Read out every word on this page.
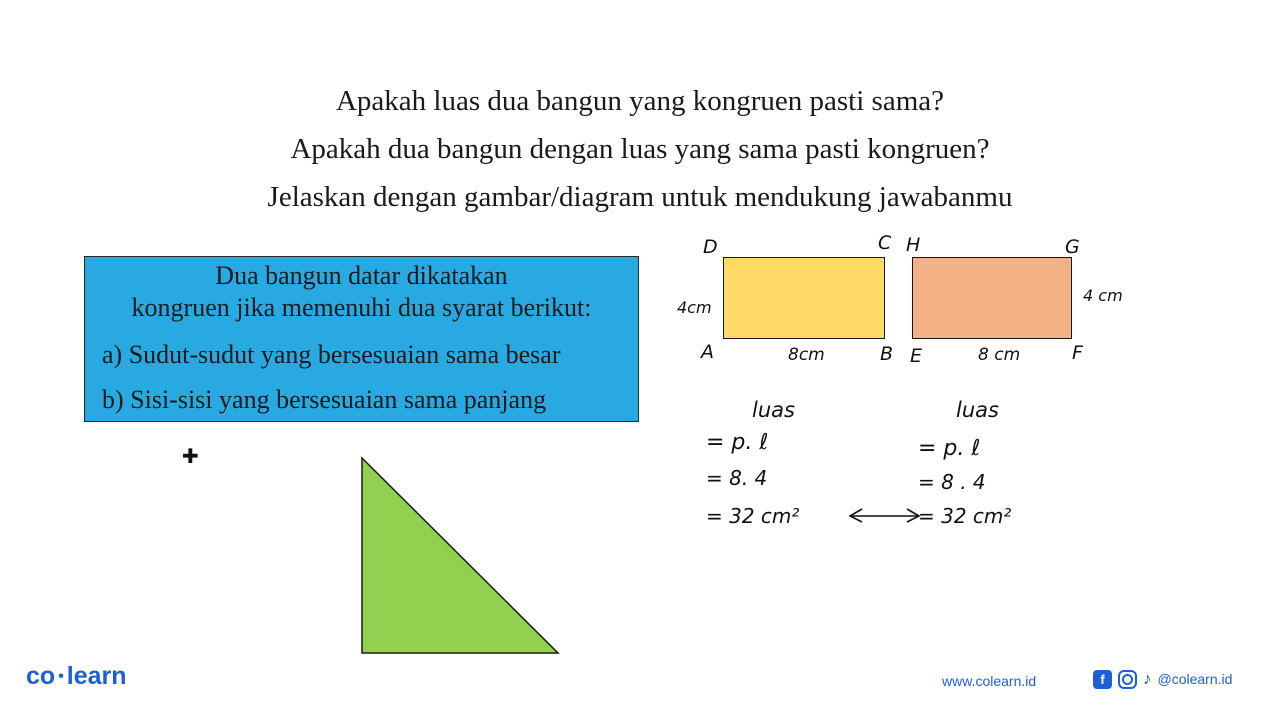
Apakah luas dua bangun yang kongruen pasti sama?
Apakah dua bangun dengan luas yang sama pasti kongruen?
Jelaskan dengan gambar/diagram untuk mendukung jawabanmu
Dua bangun datar dikatakan
kongruen jika memenuhi dua syarat berikut:
a) Sudut-sudut yang bersesuaian sama besar
b) Sisi-sisi yang bersesuaian sama panjang
✚
D	C
A	B
4cm
8cm
H	G
E	F
4 cm
8 cm
luas
= p. ℓ
= 8. 4
= 32 cm²
luas
= p. ℓ
= 8 . 4
= 32 cm²
co • learn	www.colearn.id	f	♪ @colearn.id
